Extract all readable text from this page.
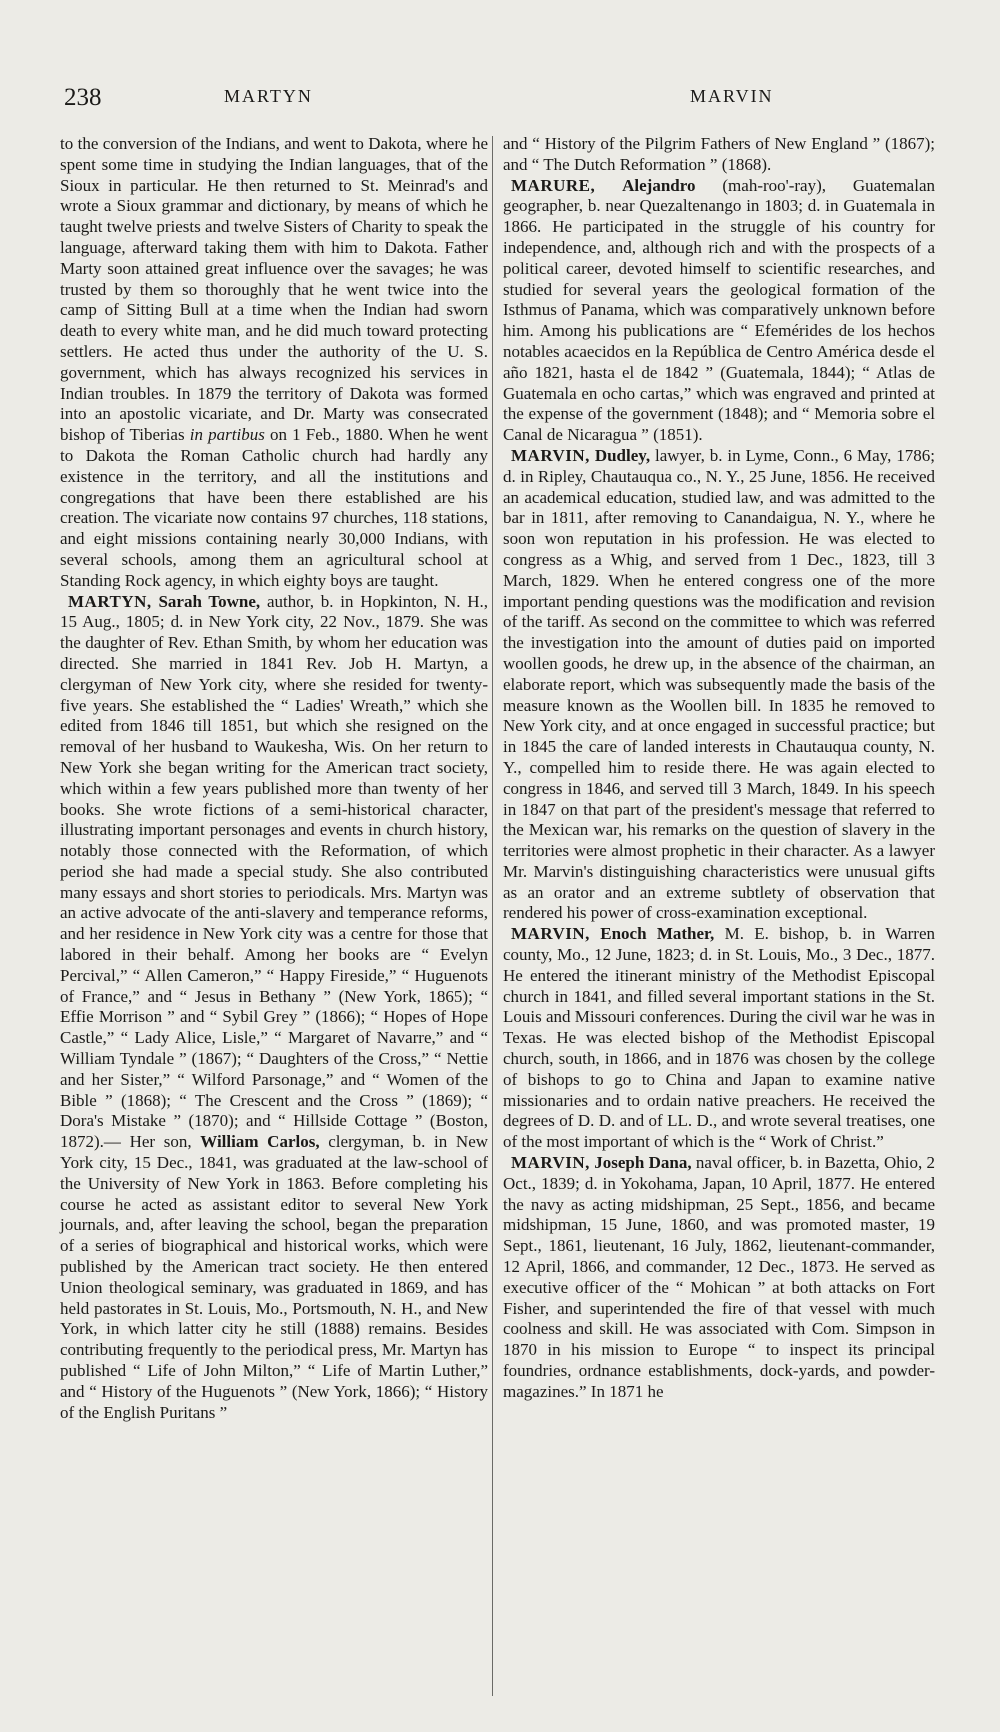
238	MARTYN	MARVIN

to the conversion of the Indians, and went to Dakota, where he spent some time in studying the Indian languages, that of the Sioux in particular. He then returned to St. Meinrad's and wrote a Sioux grammar and dictionary, by means of which he taught twelve priests and twelve Sisters of Charity to speak the language, afterward taking them with him to Dakota. Father Marty soon attained great influence over the savages; he was trusted by them so thoroughly that he went twice into the camp of Sitting Bull at a time when the Indian had sworn death to every white man, and he did much toward protecting settlers. He acted thus under the authority of the U. S. government, which has always recognized his services in Indian troubles. In 1879 the territory of Dakota was formed into an apostolic vicariate, and Dr. Marty was consecrated bishop of Tiberias in partibus on 1 Feb., 1880. When he went to Dakota the Roman Catholic church had hardly any existence in the territory, and all the institutions and congregations that have been there established are his creation. The vicariate now contains 97 churches, 118 stations, and eight missions containing nearly 30,000 Indians, with several schools, among them an agricultural school at Standing Rock agency, in which eighty boys are taught.

MARTYN, Sarah Towne, author, b. in Hopkinton, N. H., 15 Aug., 1805; d. in New York city, 22 Nov., 1879. She was the daughter of Rev. Ethan Smith, by whom her education was directed. She married in 1841 Rev. Job H. Martyn, a clergyman of New York city, where she resided for twenty-five years. She established the “ Ladies' Wreath,” which she edited from 1846 till 1851, but which she resigned on the removal of her husband to Waukesha, Wis. On her return to New York she began writing for the American tract society, which within a few years published more than twenty of her books. She wrote fictions of a semi-historical character, illustrating important personages and events in church history, notably those connected with the Reformation, of which period she had made a special study. She also contributed many essays and short stories to periodicals. Mrs. Martyn was an active advocate of the anti-slavery and temperance reforms, and her residence in New York city was a centre for those that labored in their behalf. Among her books are “ Evelyn Percival,” “ Allen Cameron,” “ Happy Fireside,” “ Huguenots of France,” and “ Jesus in Bethany ” (New York, 1865); “ Effie Morrison ” and “ Sybil Grey ” (1866); “ Hopes of Hope Castle,” “ Lady Alice, Lisle,” “ Margaret of Navarre,” and “ William Tyndale ” (1867); “ Daughters of the Cross,” “ Nettie and her Sister,” “ Wilford Parsonage,” and “ Women of the Bible ” (1868); “ The Crescent and the Cross ” (1869); “ Dora's Mistake ” (1870); and “ Hillside Cottage ” (Boston, 1872).— Her son, William Carlos, clergyman, b. in New York city, 15 Dec., 1841, was graduated at the law-school of the University of New York in 1863. Before completing his course he acted as assistant editor to several New York journals, and, after leaving the school, began the preparation of a series of biographical and historical works, which were published by the American tract society. He then entered Union theological seminary, was graduated in 1869, and has held pastorates in St. Louis, Mo., Portsmouth, N. H., and New York, in which latter city he still (1888) remains. Besides contributing frequently to the periodical press, Mr. Martyn has published “ Life of John Milton,” “ Life of Martin Luther,” and “ History of the Huguenots ” (New York, 1866); “ History of the English Puritans ”

and “ History of the Pilgrim Fathers of New England ” (1867); and “ The Dutch Reformation ” (1868).

MARURE, Alejandro (mah-roo'-ray), Guatemalan geographer, b. near Quezaltenango in 1803; d. in Guatemala in 1866. He participated in the struggle of his country for independence, and, although rich and with the prospects of a political career, devoted himself to scientific researches, and studied for several years the geological formation of the Isthmus of Panama, which was comparatively unknown before him. Among his publications are “ Efemérides de los hechos notables acaecidos en la República de Centro América desde el año 1821, hasta el de 1842 ” (Guatemala, 1844); “ Atlas de Guatemala en ocho cartas,” which was engraved and printed at the expense of the government (1848); and “ Memoria sobre el Canal de Nicaragua ” (1851).

MARVIN, Dudley, lawyer, b. in Lyme, Conn., 6 May, 1786; d. in Ripley, Chautauqua co., N. Y., 25 June, 1856. He received an academical education, studied law, and was admitted to the bar in 1811, after removing to Canandaigua, N. Y., where he soon won reputation in his profession. He was elected to congress as a Whig, and served from 1 Dec., 1823, till 3 March, 1829. When he entered congress one of the more important pending questions was the modification and revision of the tariff. As second on the committee to which was referred the investigation into the amount of duties paid on imported woollen goods, he drew up, in the absence of the chairman, an elaborate report, which was subsequently made the basis of the measure known as the Woollen bill. In 1835 he removed to New York city, and at once engaged in successful practice; but in 1845 the care of landed interests in Chautauqua county, N. Y., compelled him to reside there. He was again elected to congress in 1846, and served till 3 March, 1849. In his speech in 1847 on that part of the president's message that referred to the Mexican war, his remarks on the question of slavery in the territories were almost prophetic in their character. As a lawyer Mr. Marvin's distinguishing characteristics were unusual gifts as an orator and an extreme subtlety of observation that rendered his power of cross-examination exceptional.

MARVIN, Enoch Mather, M. E. bishop, b. in Warren county, Mo., 12 June, 1823; d. in St. Louis, Mo., 3 Dec., 1877. He entered the itinerant ministry of the Methodist Episcopal church in 1841, and filled several important stations in the St. Louis and Missouri conferences. During the civil war he was in Texas. He was elected bishop of the Methodist Episcopal church, south, in 1866, and in 1876 was chosen by the college of bishops to go to China and Japan to examine native missionaries and to ordain native preachers. He received the degrees of D. D. and of LL. D., and wrote several treatises, one of the most important of which is the “ Work of Christ.”

MARVIN, Joseph Dana, naval officer, b. in Bazetta, Ohio, 2 Oct., 1839; d. in Yokohama, Japan, 10 April, 1877. He entered the navy as acting midshipman, 25 Sept., 1856, and became midshipman, 15 June, 1860, and was promoted master, 19 Sept., 1861, lieutenant, 16 July, 1862, lieutenant-commander, 12 April, 1866, and commander, 12 Dec., 1873. He served as executive officer of the “ Mohican ” at both attacks on Fort Fisher, and superintended the fire of that vessel with much coolness and skill. He was associated with Com. Simpson in 1870 in his mission to Europe “ to inspect its principal foundries, ordnance establishments, dock-yards, and powder-magazines.” In 1871 he
